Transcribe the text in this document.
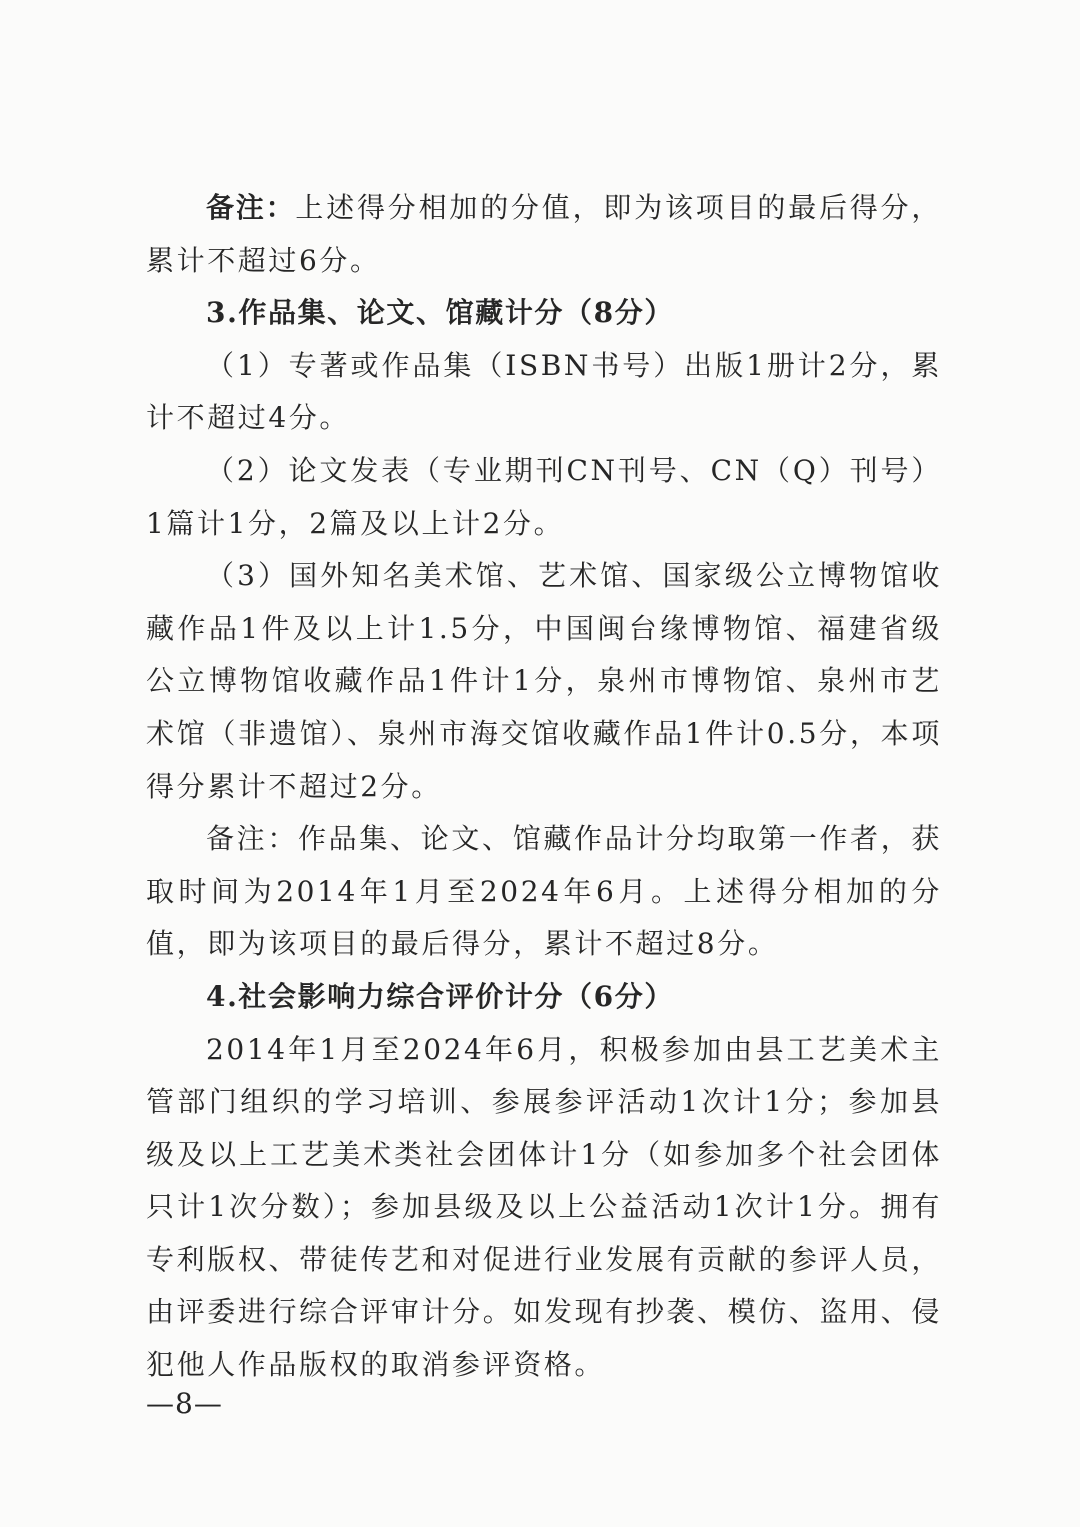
备注：上述得分相加的分值，即为该项目的最后得分，累计不超过6分。

3.作品集、论文、馆藏计分（8分）

（1）专著或作品集（ISBN书号）出版1册计2分，累计不超过4分。

（2）论文发表（专业期刊CN刊号、CN（Q）刊号）1篇计1分，2篇及以上计2分。

（3）国外知名美术馆、艺术馆、国家级公立博物馆收藏作品1件及以上计1.5分，中国闽台缘博物馆、福建省级公立博物馆收藏作品1件计1分，泉州市博物馆、泉州市艺术馆（非遗馆）、泉州市海交馆收藏作品1件计0.5分，本项得分累计不超过2分。

备注：作品集、论文、馆藏作品计分均取第一作者，获取时间为2014年1月至2024年6月。上述得分相加的分值，即为该项目的最后得分，累计不超过8分。

4.社会影响力综合评价计分（6分）

2014年1月至2024年6月，积极参加由县工艺美术主管部门组织的学习培训、参展参评活动1次计1分；参加县级及以上工艺美术类社会团体计1分（如参加多个社会团体只计1次分数）；参加县级及以上公益活动1次计1分。拥有专利版权、带徒传艺和对促进行业发展有贡献的参评人员，由评委进行综合评审计分。如发现有抄袭、模仿、盗用、侵犯他人作品版权的取消参评资格。

—8—
